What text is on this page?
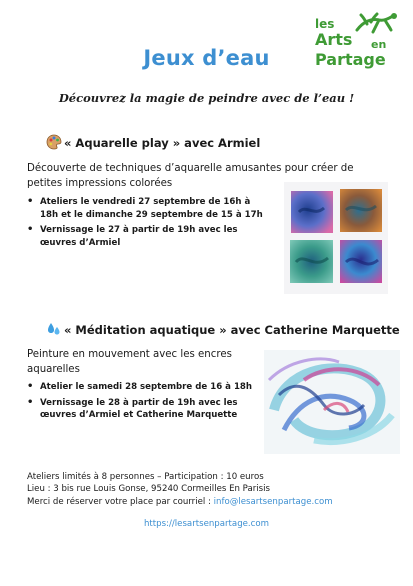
Jeux d’eau
les
Arts en
Partage
Découvrez la magie de peindre avec de l’eau !
« Aquarelle play » avec Armiel
Découverte de techniques d’aquarelle amusantes pour créer de petites impressions colorées
• Ateliers le vendredi 27 septembre de 16h à 18h et le dimanche 29 septembre de 15 à 17h
• Vernissage le 27 à partir de 19h avec les œuvres d’Armiel
« Méditation aquatique » avec Catherine Marquette
Peinture en mouvement avec les encres aquarelles
• Atelier le samedi 28 septembre de 16 à 18h
• Vernissage le 28 à partir de 19h avec les œuvres d’Armiel et Catherine Marquette
Ateliers limités à 8 personnes – Participation : 10 euros
Lieu : 3 bis rue Louis Gonse, 95240 Cormeilles En Parisis
Merci de réserver votre place par courriel : info@lesartsenpartage.com
https://lesartsenpartage.com
